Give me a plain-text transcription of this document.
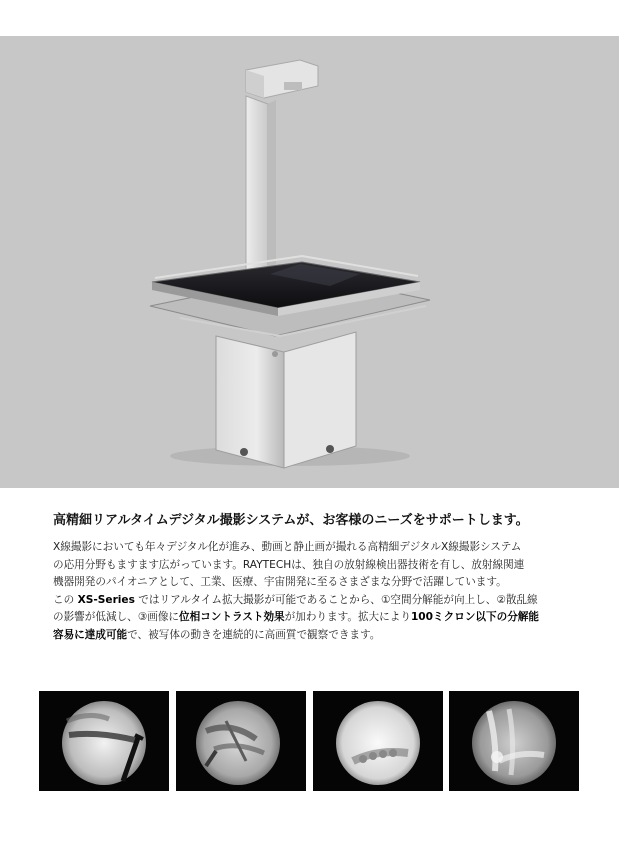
高精細リアルタイムデジタル撮影システムが、お客様のニーズをサポートします。
X線撮影においても年々デジタル化が進み、動画と静止画が撮れる高精細デジタルX線撮影システム
の応用分野もますます広がっています。RAYTECHは、独自の放射線検出器技術を有し、放射線関連
機器開発のパイオニアとして、工業、医療、宇宙開発に至るさまざまな分野で活躍しています。
この XS-Series ではリアルタイム拡大撮影が可能であることから、①空間分解能が向上し、②散乱線
の影響が低減し、③画像に位相コントラスト効果が加わります。拡大により100ミクロン以下の分解能
容易に達成可能で、被写体の動きを連続的に高画質で観察できます。
